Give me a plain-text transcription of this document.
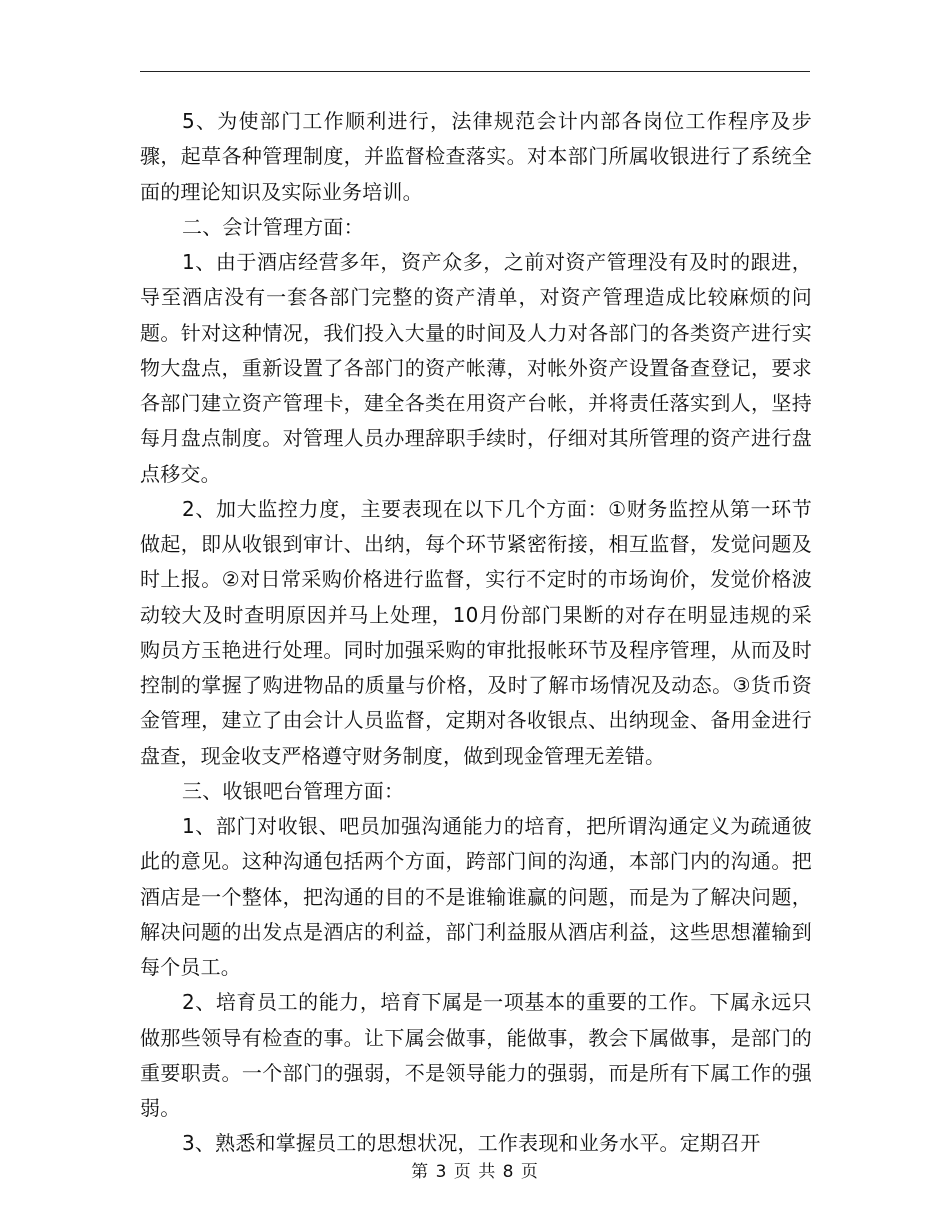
5、为使部门工作顺利进行，法律规范会计内部各岗位工作程序及步骤，起草各种管理制度，并监督检查落实。对本部门所属收银进行了系统全面的理论知识及实际业务培训。

二、会计管理方面：

1、由于酒店经营多年，资产众多，之前对资产管理没有及时的跟进，导至酒店没有一套各部门完整的资产清单，对资产管理造成比较麻烦的问题。针对这种情况，我们投入大量的时间及人力对各部门的各类资产进行实物大盘点，重新设置了各部门的资产帐薄，对帐外资产设置备查登记，要求各部门建立资产管理卡，建全各类在用资产台帐，并将责任落实到人，坚持每月盘点制度。对管理人员办理辞职手续时，仔细对其所管理的资产进行盘点移交。

2、加大监控力度，主要表现在以下几个方面：①财务监控从第一环节做起，即从收银到审计、出纳，每个环节紧密衔接，相互监督，发觉问题及时上报。②对日常采购价格进行监督，实行不定时的市场询价，发觉价格波动较大及时查明原因并马上处理，10月份部门果断的对存在明显违规的采购员方玉艳进行处理。同时加强采购的审批报帐环节及程序管理，从而及时控制的掌握了购进物品的质量与价格，及时了解市场情况及动态。③货币资金管理，建立了由会计人员监督，定期对各收银点、出纳现金、备用金进行盘查，现金收支严格遵守财务制度，做到现金管理无差错。

三、收银吧台管理方面：

1、部门对收银、吧员加强沟通能力的培育，把所谓沟通定义为疏通彼此的意见。这种沟通包括两个方面，跨部门间的沟通，本部门内的沟通。把酒店是一个整体，把沟通的目的不是谁输谁赢的问题，而是为了解决问题，解决问题的出发点是酒店的利益，部门利益服从酒店利益，这些思想灌输到每个员工。

2、培育员工的能力，培育下属是一项基本的重要的工作。下属永远只做那些领导有检查的事。让下属会做事，能做事，教会下属做事，是部门的重要职责。一个部门的强弱，不是领导能力的强弱，而是所有下属工作的强弱。

3、熟悉和掌握员工的思想状况，工作表现和业务水平。定期召开

第 3 页 共 8 页
